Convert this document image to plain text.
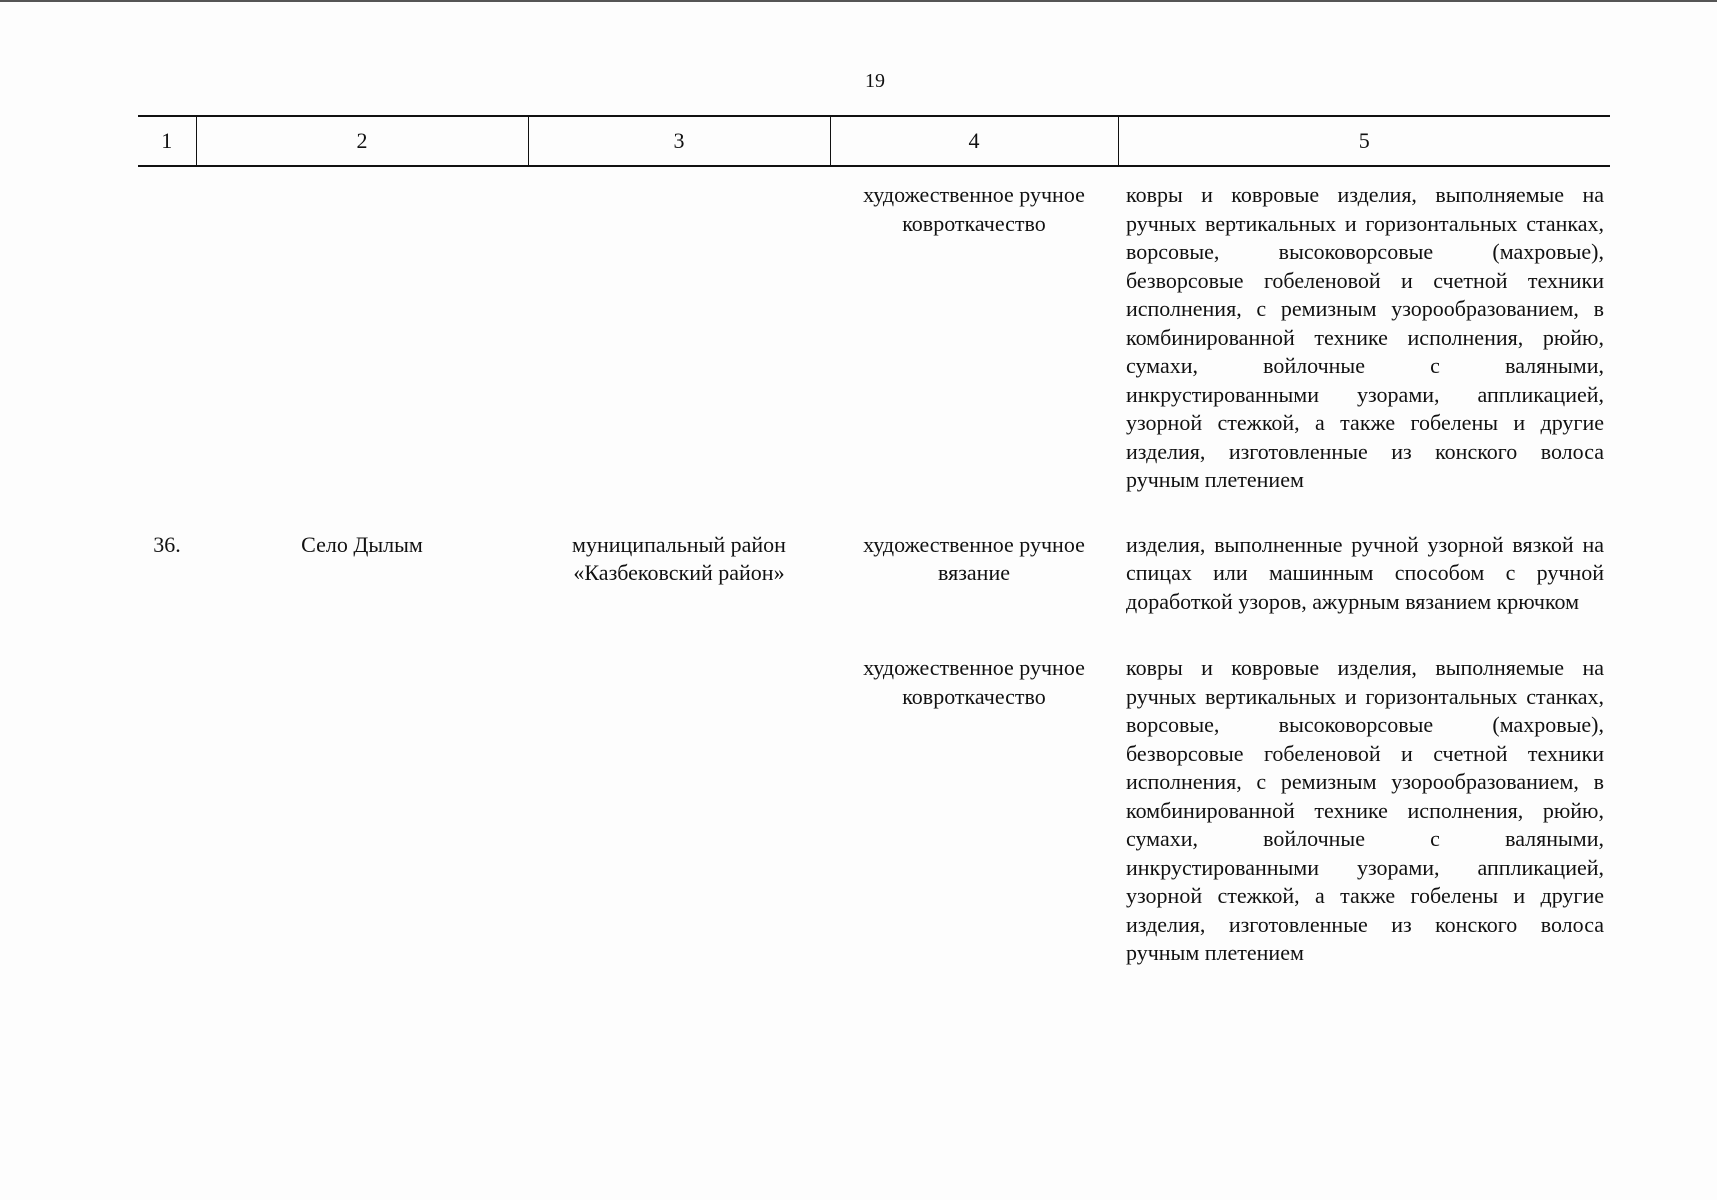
19
1	2	3	4	5
			художественное ручное ковроткачество	ковры и ковровые изделия, выполняемые на ручных вертикальных и горизонтальных станках, ворсовые, высоковорсовые (махровые), безворсовые гобеленовой и счетной техники исполнения, с ремизным узорообразованием, в комбинированной технике исполнения, рюйю, сумахи, войлочные с валяными, инкрустированными узорами, аппликацией, узорной стежкой, а также гобелены и другие изделия, изготовленные из конского волоса ручным плетением
36.	Село Дылым	муниципальный район «Казбековский район»	художественное ручное вязание	изделия, выполненные ручной узорной вязкой на спицах или машинным способом с ручной доработкой узоров, ажурным вязанием крючком
			художественное ручное ковроткачество	ковры и ковровые изделия, выполняемые на ручных вертикальных и горизонтальных станках, ворсовые, высоковорсовые (махровые), безворсовые гобеленовой и счетной техники исполнения, с ремизным узорообразованием, в комбинированной технике исполнения, рюйю, сумахи, войлочные с валяными, инкрустированными узорами, аппликацией, узорной стежкой, а также гобелены и другие изделия, изготовленные из конского волоса ручным плетением
